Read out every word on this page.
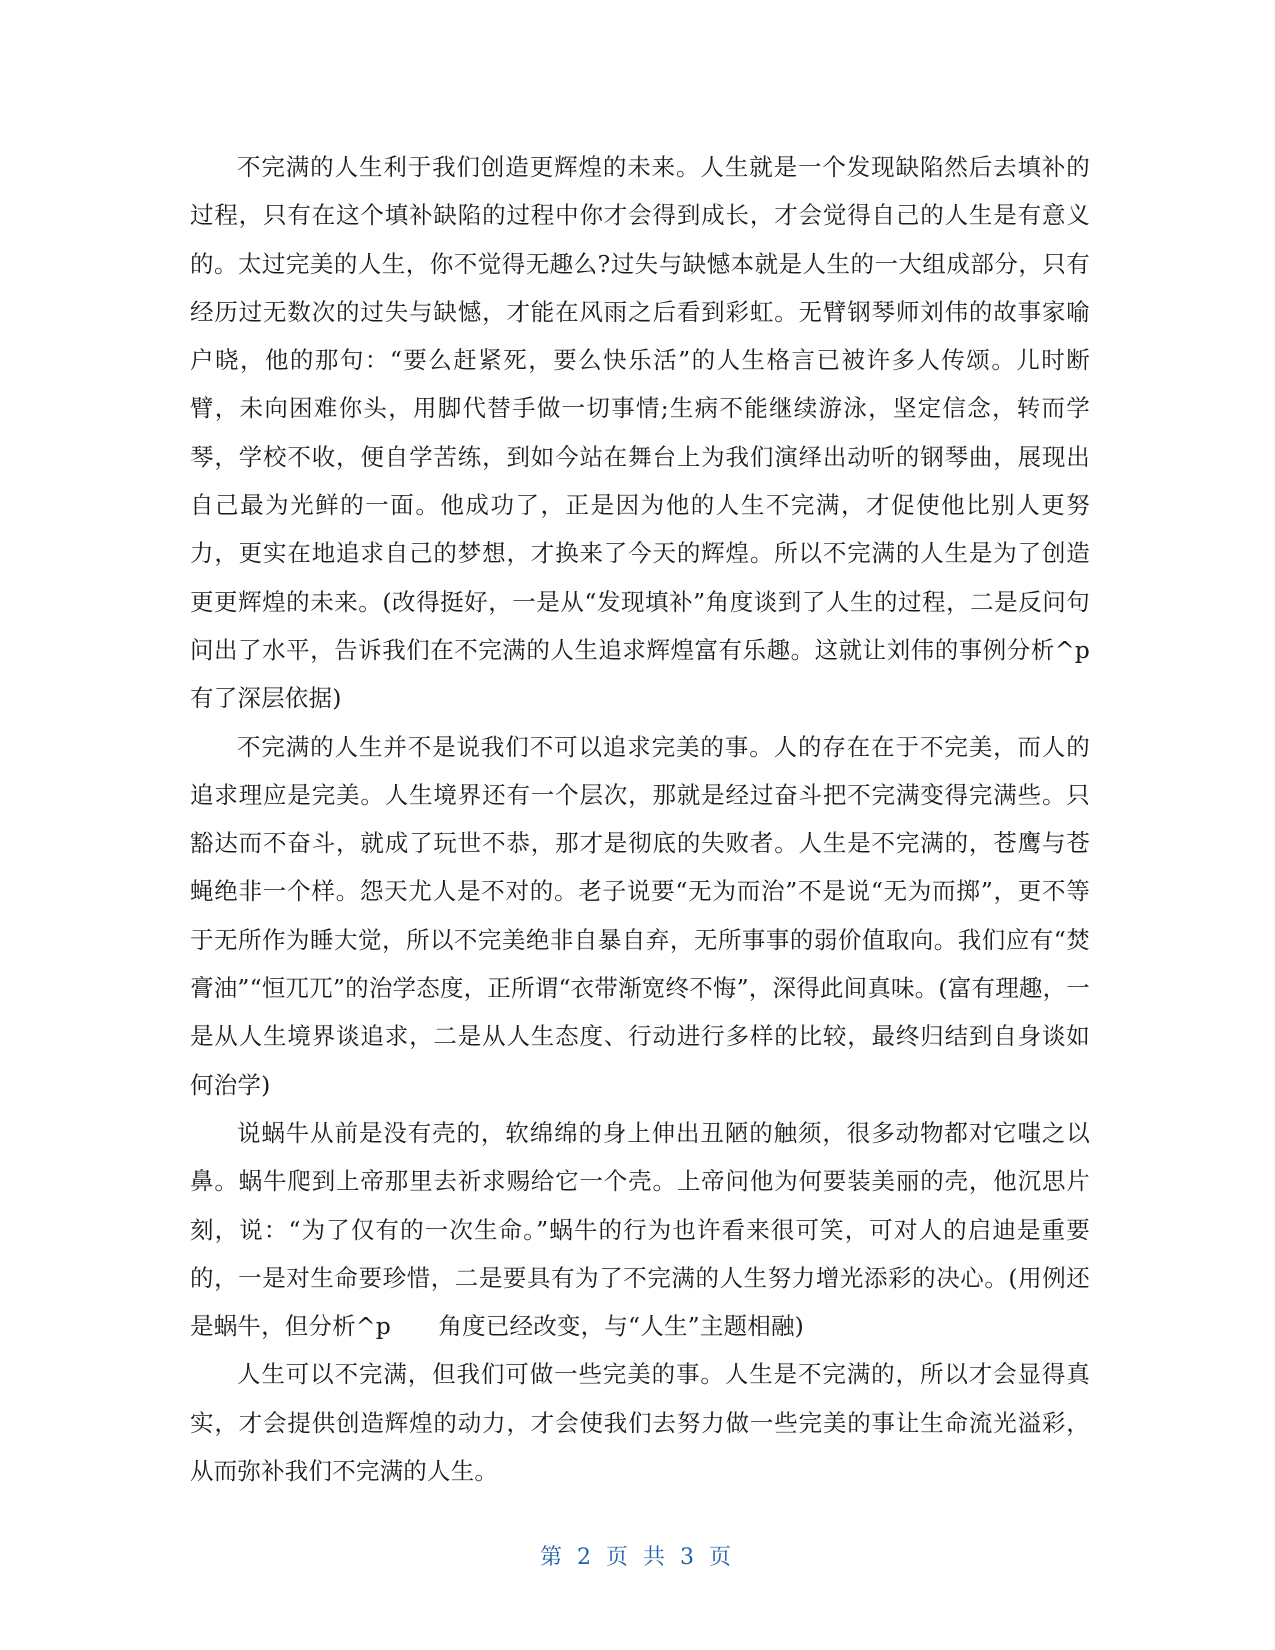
不完满的人生利于我们创造更辉煌的未来。人生就是一个发现缺陷然后去填补的过程，只有在这个填补缺陷的过程中你才会得到成长，才会觉得自己的人生是有意义的。太过完美的人生，你不觉得无趣么?过失与缺憾本就是人生的一大组成部分，只有经历过无数次的过失与缺憾，才能在风雨之后看到彩虹。无臂钢琴师刘伟的故事家喻户晓，他的那句：“要么赶紧死，要么快乐活”的人生格言已被许多人传颂。儿时断臂，未向困难你头，用脚代替手做一切事情;生病不能继续游泳，坚定信念，转而学琴，学校不收，便自学苦练，到如今站在舞台上为我们演绎出动听的钢琴曲，展现出自己最为光鲜的一面。他成功了，正是因为他的人生不完满，才促使他比别人更努力，更实在地追求自己的梦想，才换来了今天的辉煌。所以不完满的人生是为了创造更更辉煌的未来。(改得挺好，一是从“发现填补”角度谈到了人生的过程，二是反问句问出了水平，告诉我们在不完满的人生追求辉煌富有乐趣。这就让刘伟的事例分析^p　　有了深层依据)

不完满的人生并不是说我们不可以追求完美的事。人的存在在于不完美，而人的追求理应是完美。人生境界还有一个层次，那就是经过奋斗把不完满变得完满些。只豁达而不奋斗，就成了玩世不恭，那才是彻底的失败者。人生是不完满的，苍鹰与苍蝇绝非一个样。怨天尤人是不对的。老子说要“无为而治”不是说“无为而掷”，更不等于无所作为睡大觉，所以不完美绝非自暴自弃，无所事事的弱价值取向。我们应有“焚膏油”“恒兀兀”的治学态度，正所谓“衣带渐宽终不悔”，深得此间真味。(富有理趣，一是从人生境界谈追求，二是从人生态度、行动进行多样的比较，最终归结到自身谈如何治学)

说蜗牛从前是没有壳的，软绵绵的身上伸出丑陋的触须，很多动物都对它嗤之以鼻。蜗牛爬到上帝那里去祈求赐给它一个壳。上帝问他为何要装美丽的壳，他沉思片刻，说：“为了仅有的一次生命。”蜗牛的行为也许看来很可笑，可对人的启迪是重要的，一是对生命要珍惜，二是要具有为了不完满的人生努力增光添彩的决心。(用例还是蜗牛，但分析^p　　角度已经改变，与“人生”主题相融)

人生可以不完满，但我们可做一些完美的事。人生是不完满的，所以才会显得真实，才会提供创造辉煌的动力，才会使我们去努力做一些完美的事让生命流光溢彩，从而弥补我们不完满的人生。

第 2 页 共 3 页
